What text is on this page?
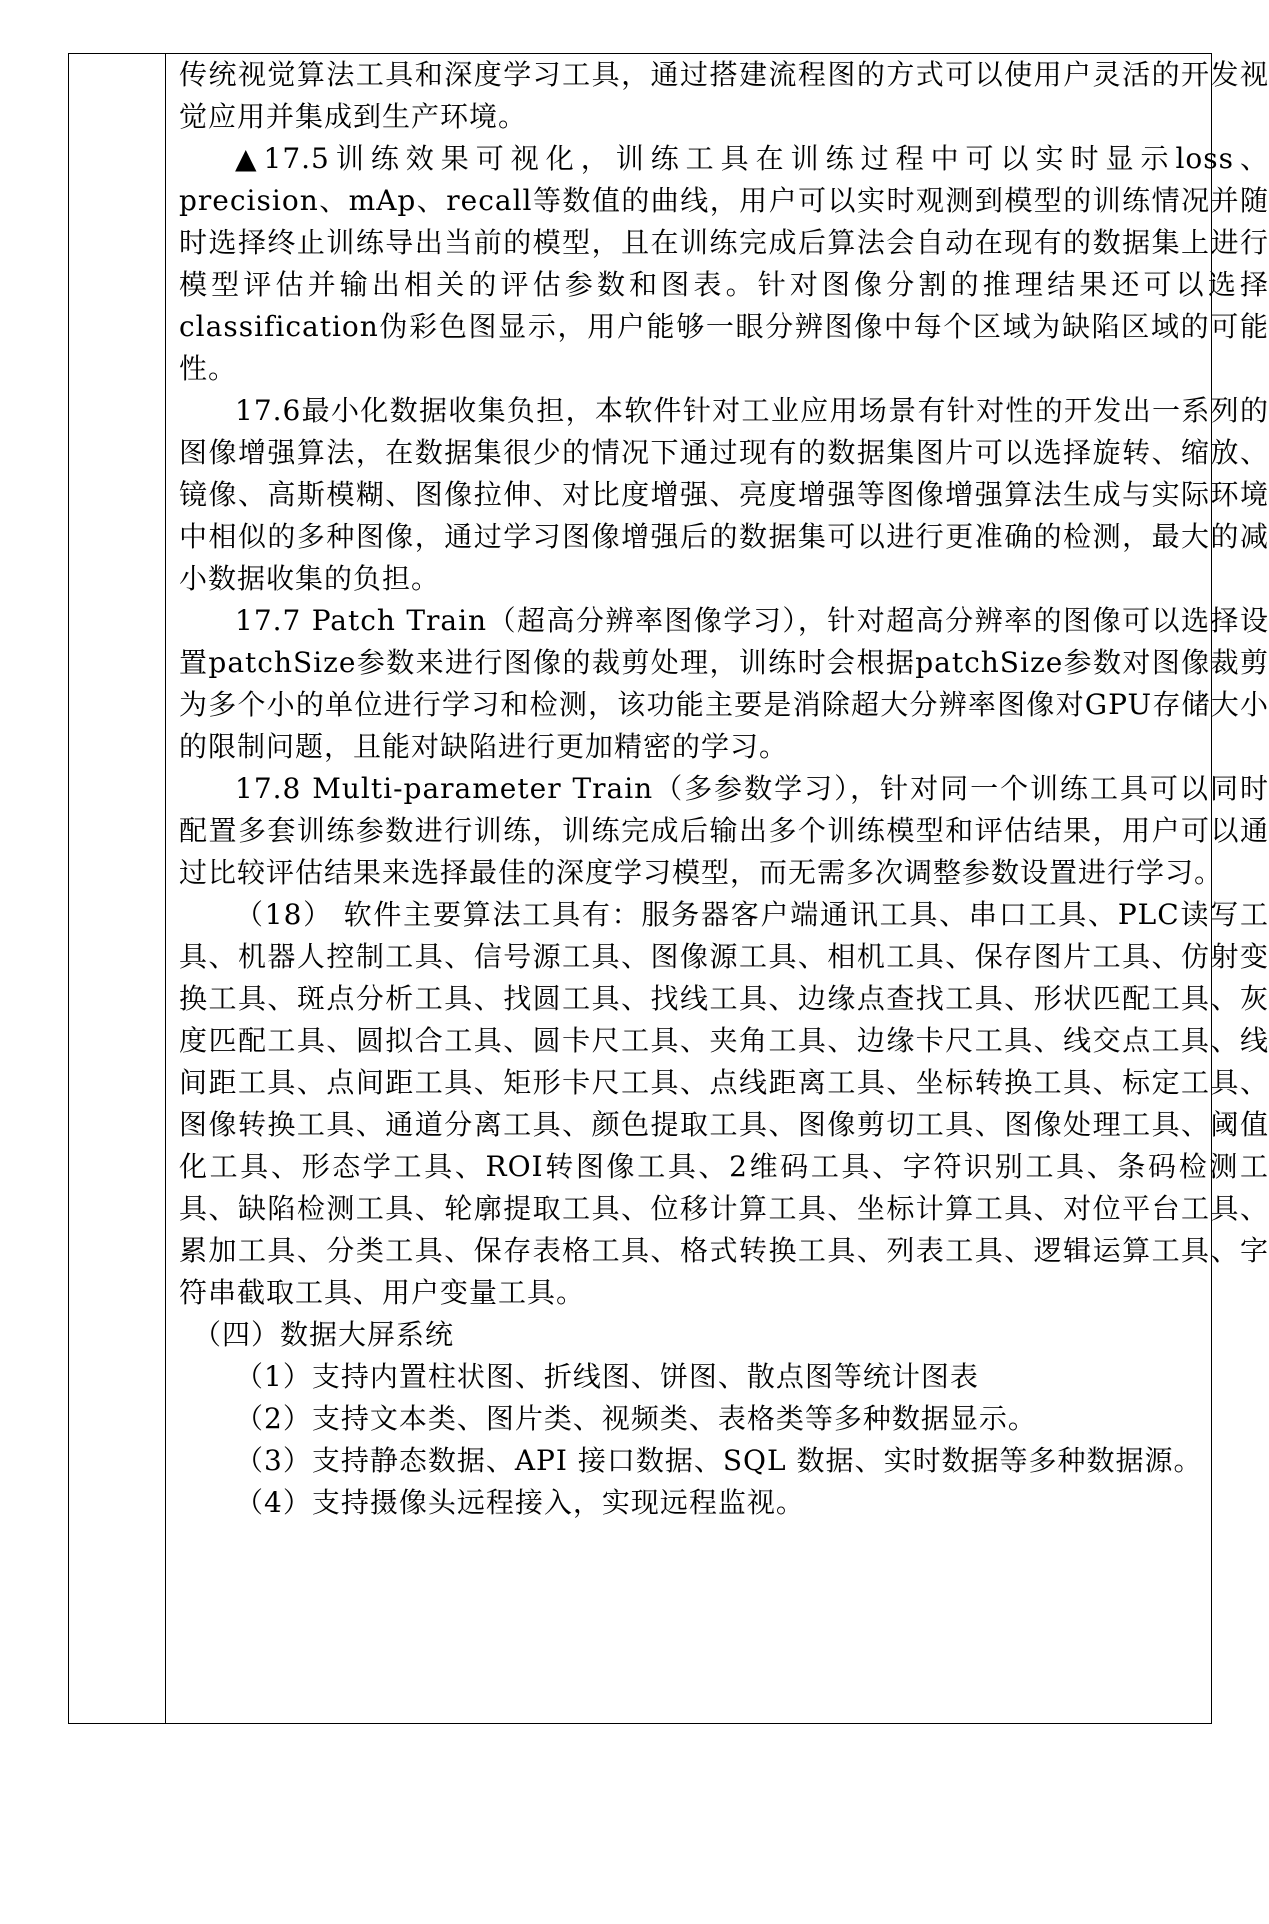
传统视觉算法工具和深度学习工具，通过搭建流程图的方式可以使用户灵活的开发视觉应用并集成到生产环境。

▲17.5训练效果可视化，训练工具在训练过程中可以实时显示loss、precision、mAp、recall等数值的曲线，用户可以实时观测到模型的训练情况并随时选择终止训练导出当前的模型，且在训练完成后算法会自动在现有的数据集上进行模型评估并输出相关的评估参数和图表。针对图像分割的推理结果还可以选择classification伪彩色图显示，用户能够一眼分辨图像中每个区域为缺陷区域的可能性。

17.6最小化数据收集负担，本软件针对工业应用场景有针对性的开发出一系列的图像增强算法，在数据集很少的情况下通过现有的数据集图片可以选择旋转、缩放、镜像、高斯模糊、图像拉伸、对比度增强、亮度增强等图像增强算法生成与实际环境中相似的多种图像，通过学习图像增强后的数据集可以进行更准确的检测，最大的减小数据收集的负担。

17.7 Patch Train（超高分辨率图像学习），针对超高分辨率的图像可以选择设置patchSize参数来进行图像的裁剪处理，训练时会根据patchSize参数对图像裁剪为多个小的单位进行学习和检测，该功能主要是消除超大分辨率图像对GPU存储大小的限制问题，且能对缺陷进行更加精密的学习。

17.8 Multi-parameter Train（多参数学习），针对同一个训练工具可以同时配置多套训练参数进行训练，训练完成后输出多个训练模型和评估结果，用户可以通过比较评估结果来选择最佳的深度学习模型，而无需多次调整参数设置进行学习。

（18） 软件主要算法工具有：服务器客户端通讯工具、串口工具、PLC读写工具、机器人控制工具、信号源工具、图像源工具、相机工具、保存图片工具、仿射变换工具、斑点分析工具、找圆工具、找线工具、边缘点查找工具、形状匹配工具、灰度匹配工具、圆拟合工具、圆卡尺工具、夹角工具、边缘卡尺工具、线交点工具、线间距工具、点间距工具、矩形卡尺工具、点线距离工具、坐标转换工具、标定工具、图像转换工具、通道分离工具、颜色提取工具、图像剪切工具、图像处理工具、阈值化工具、形态学工具、ROI转图像工具、2维码工具、字符识别工具、条码检测工具、缺陷检测工具、轮廓提取工具、位移计算工具、坐标计算工具、对位平台工具、累加工具、分类工具、保存表格工具、格式转换工具、列表工具、逻辑运算工具、字符串截取工具、用户变量工具。

（四）数据大屏系统

（1）支持内置柱状图、折线图、饼图、散点图等统计图表

（2）支持文本类、图片类、视频类、表格类等多种数据显示。

（3）支持静态数据、API 接口数据、SQL 数据、实时数据等多种数据源。

（4）支持摄像头远程接入，实现远程监视。
